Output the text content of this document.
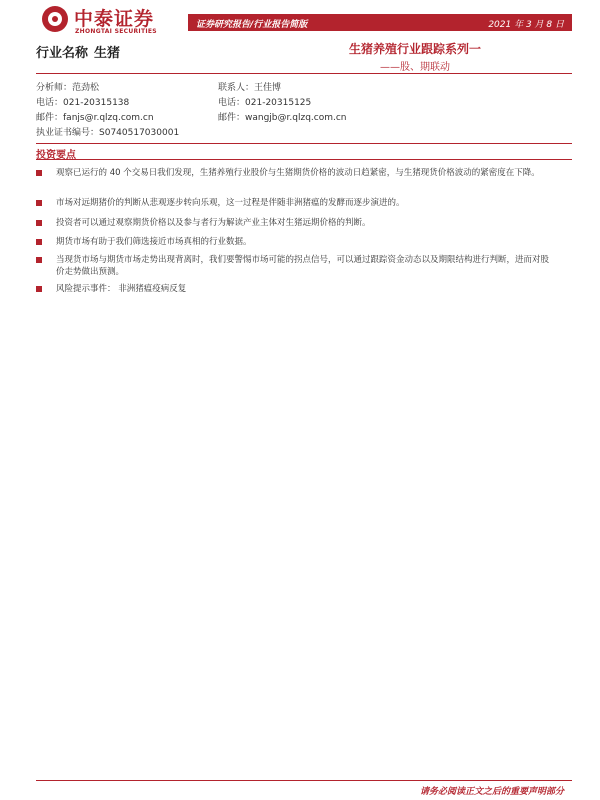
中泰证券
ZHONGTAI SECURITIES
证券研究报告/行业报告简版	2021 年 3 月 8 日
行业名称 生猪	生猪养殖行业跟踪系列一
——股、期联动
分析师：范劲松
电话：021-20315138
邮件：fanjs@r.qlzq.com.cn
执业证书编号：S0740517030001
联系人：王佳博
电话：021-20315125
邮件：wangjb@r.qlzq.com.cn
投资要点
观察已运行的 40 个交易日我们发现，生猪养殖行业股价与生猪期货价格的波动日趋紧密，与生猪现货价格波动的紧密度在下降。
市场对远期猪价的判断从悲观逐步转向乐观，这一过程是伴随非洲猪瘟的发酵而逐步演进的。
投资者可以通过观察期货价格以及参与者行为解读产业主体对生猪远期价格的判断。
期货市场有助于我们筛选接近市场真相的行业数据。
当现货市场与期货市场走势出现背离时，我们要警惕市场可能的拐点信号，可以通过跟踪资金动态以及期限结构进行判断，进而对股价走势做出预测。
风险提示事件： 非洲猪瘟疫病反复
请务必阅读正文之后的重要声明部分
